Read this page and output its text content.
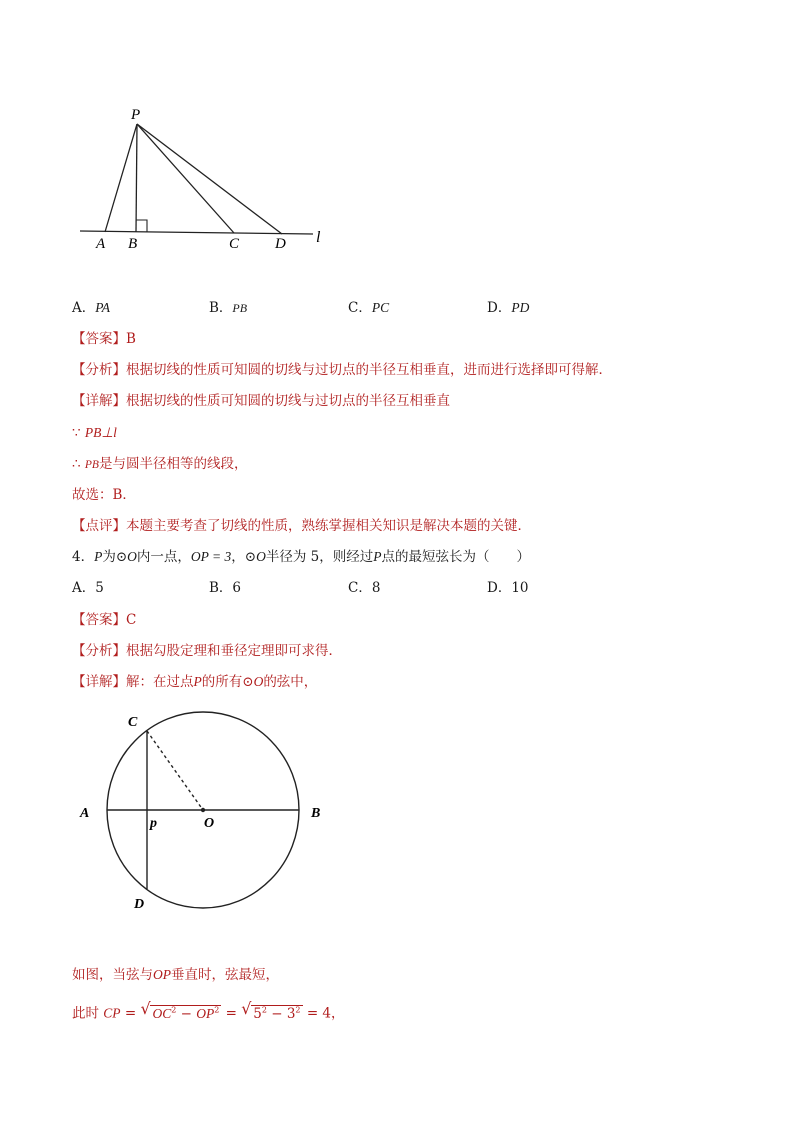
P
A B	C D l
A．PA	B．PB	C．PC	D．PD
【答案】B
【分析】根据切线的性质可知圆的切线与过切点的半径互相垂直，进而进行选择即可得解．
【详解】根据切线的性质可知圆的切线与过切点的半径互相垂直
∵ PB⊥l
∴ PB是与圆半径相等的线段，
故选：B．
【点评】本题主要考查了切线的性质，熟练掌握相关知识是解决本题的关键．
4．P为⊙O内一点，OP = 3，⊙O半径为 5，则经过P点的最短弦长为（　　）
A．5	B．6	C．8	D．10
【答案】C
【分析】根据勾股定理和垂径定理即可求得．
【详解】解：在过点P的所有⊙O的弦中，
C
A
p	O
B
D
如图，当弦与OP垂直时，弦最短，
此时 CP = √ $OC^2 - OP^2$ = √ $5^2 - 3^2 = 4$，
